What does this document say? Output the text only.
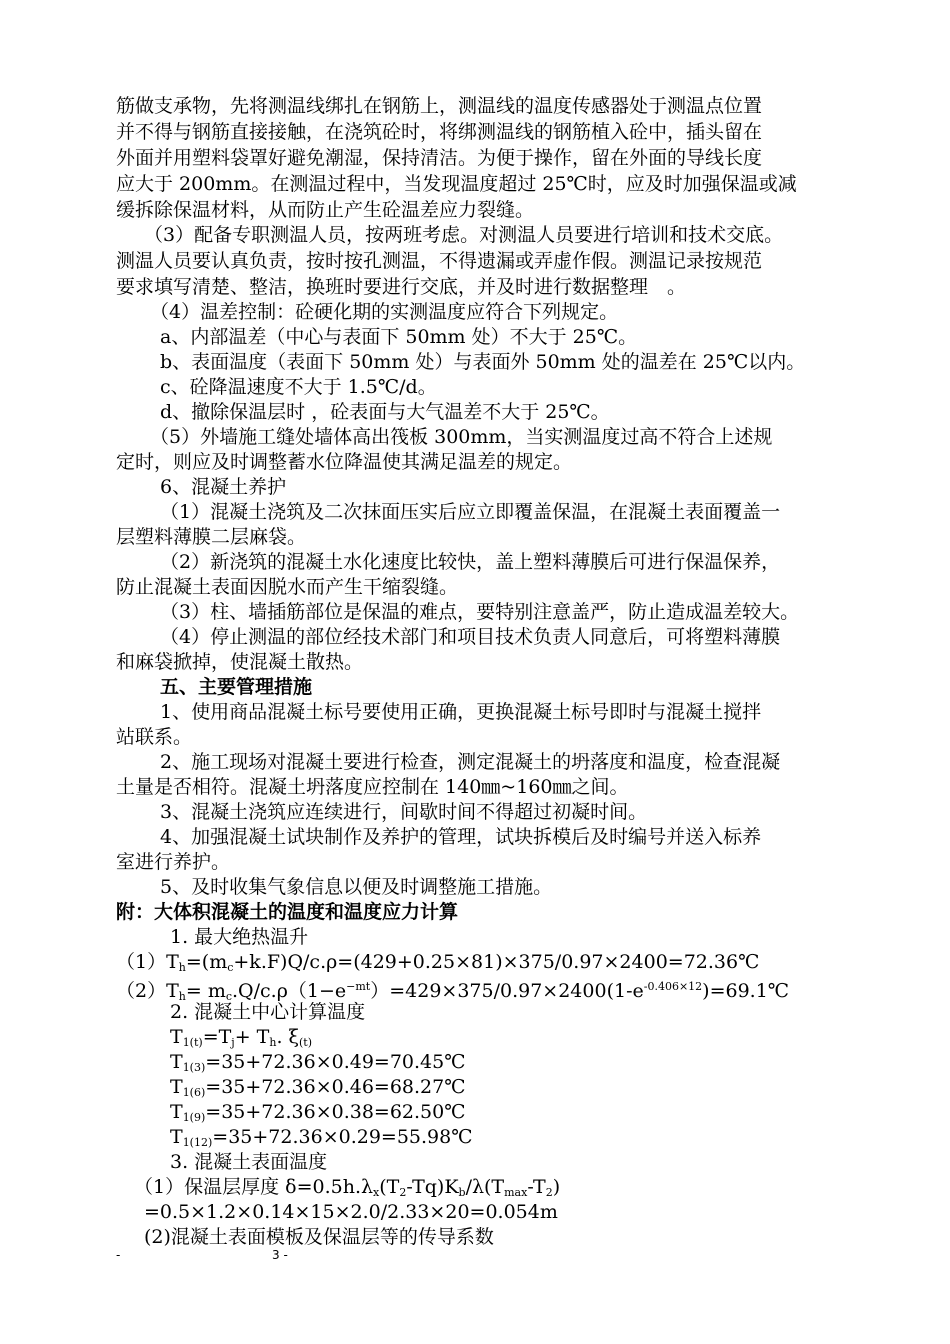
筋做支承物，先将测温线绑扎在钢筋上，测温线的温度传感器处于测温点位置
并不得与钢筋直接接触，在浇筑砼时，将绑测温线的钢筋植入砼中，插头留在
外面并用塑料袋罩好避免潮湿，保持清洁。为便于操作，留在外面的导线长度
应大于 200mm。在测温过程中，当发现温度超过 25℃时，应及时加强保温或减
缓拆除保温材料，从而防止产生砼温差应力裂缝。
（3）配备专职测温人员，按两班考虑。对测温人员要进行培训和技术交底。
测温人员要认真负责，按时按孔测温，不得遗漏或弄虚作假。测温记录按规范
要求填写清楚、整洁，换班时要进行交底，并及时进行数据整理　。
（4）温差控制：砼硬化期的实测温度应符合下列规定。
a、内部温差（中心与表面下 50mm 处）不大于 25℃。
b、表面温度（表面下 50mm 处）与表面外 50mm 处的温差在 25℃以内。
c、砼降温速度不大于 1.5℃/d。
d、撤除保温层时 ，砼表面与大气温差不大于 25℃。
（5）外墙施工缝处墙体高出筏板 300mm，当实测温度过高不符合上述规
定时，则应及时调整蓄水位降温使其满足温差的规定。
6、混凝土养护
（1）混凝土浇筑及二次抹面压实后应立即覆盖保温，在混凝土表面覆盖一
层塑料薄膜二层麻袋。
（2）新浇筑的混凝土水化速度比较快，盖上塑料薄膜后可进行保温保养，
防止混凝土表面因脱水而产生干缩裂缝。
（3）柱、墙插筋部位是保温的难点，要特别注意盖严，防止造成温差较大。
（4）停止测温的部位经技术部门和项目技术负责人同意后，可将塑料薄膜
和麻袋掀掉，使混凝土散热。
五、主要管理措施
1、使用商品混凝土标号要使用正确，更换混凝土标号即时与混凝土搅拌
站联系。
2、施工现场对混凝土要进行检查，测定混凝土的坍落度和温度，检查混凝
土量是否相符。混凝土坍落度应控制在 140㎜~160㎜之间。
3、混凝土浇筑应连续进行，间歇时间不得超过初凝时间。
4、加强混凝土试块制作及养护的管理，试块拆模后及时编号并送入标养
室进行养护。
5、及时收集气象信息以便及时调整施工措施。
附：大体积混凝土的温度和温度应力计算
1. 最大绝热温升
$(1)T_h=(m_c+k.F)Q/c.\rho=(429+0.25\times 81)\times 375/0.97\times 2400=72.36℃$
$(2)T_h=$ $m_c.Q/c.\rho(1-e^{-mt})=429\times 375/0.97\times 2400(1-e^{-0.406\times 12})=69.1℃$
2. 混凝土中心计算温度
$T_{1(t)}=T_j+ T_h$. $\xi_{(t)}$
$T_{1(3)}=35+72.36\times 0.49=70.45℃$
$T_{1(6)}=35+72.36\times 0.46=68.27℃$
$T_{1(9)}=35+72.36\times 0.38=62.50℃$
$T_{1(12)}=35+72.36\times 0.29=55.98℃$
3. 混凝土表面温度
（1）保温层厚度 $\delta=0.5h.\lambda_x(T_2-Tq)K_b/\lambda(T_{max}-T_2)$
=0.5×1.2×0.14×15×2.0/2.33×20=0.054m
(2)混凝土表面模板及保温层等的传导系数
-	3 -
